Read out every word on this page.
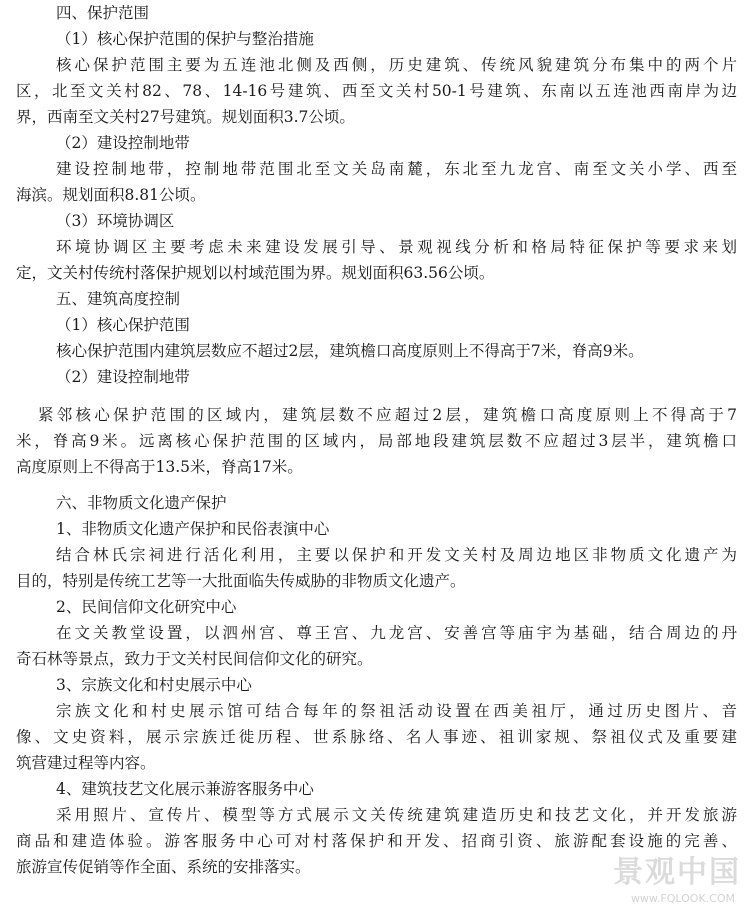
四、保护范围
（1）核心保护范围的保护与整治措施
核心保护范围主要为五连池北侧及西侧，历史建筑、传统风貌建筑分布集中的两个片
区，北至文关村82、78、14-16号建筑、西至文关村50-1号建筑、东南以五连池西南岸为边
界，西南至文关村27号建筑。规划面积3.7公顷。
（2）建设控制地带
建设控制地带，控制地带范围北至文关岛南麓，东北至九龙宫、南至文关小学、西至
海滨。规划面积8.81公顷。
（3）环境协调区
环境协调区主要考虑未来建设发展引导、景观视线分析和格局特征保护等要求来划
定，文关村传统村落保护规划以村域范围为界。规划面积63.56公顷。
五、建筑高度控制
（1）核心保护范围
核心保护范围内建筑层数应不超过2层，建筑檐口高度原则上不得高于7米，脊高9米。
（2）建设控制地带
紧邻核心保护范围的区域内，建筑层数不应超过2层，建筑檐口高度原则上不得高于7
米，脊高9米。远离核心保护范围的区域内，局部地段建筑层数不应超过3层半，建筑檐口
高度原则上不得高于13.5米，脊高17米。
六、非物质文化遗产保护
1、非物质文化遗产保护和民俗表演中心
结合林氏宗祠进行活化利用，主要以保护和开发文关村及周边地区非物质文化遗产为
目的，特别是传统工艺等一大批面临失传威胁的非物质文化遗产。
2、民间信仰文化研究中心
在文关教堂设置，以泗州宫、尊王宫、九龙宫、安善宫等庙宇为基础，结合周边的丹
奇石林等景点，致力于文关村民间信仰文化的研究。
3、宗族文化和村史展示中心
宗族文化和村史展示馆可结合每年的祭祖活动设置在西美祖厅，通过历史图片、音
像、文史资料，展示宗族迁徙历程、世系脉络、名人事迹、祖训家规、祭祖仪式及重要建
筑营建过程等内容。
4、建筑技艺文化展示兼游客服务中心
采用照片、宣传片、模型等方式展示文关传统建筑建造历史和技艺文化，并开发旅游
商品和建造体验。游客服务中心可对村落保护和开发、招商引资、旅游配套设施的完善、
旅游宣传促销等作全面、系统的安排落实。	景观中国
www.FQLOOK.COM
